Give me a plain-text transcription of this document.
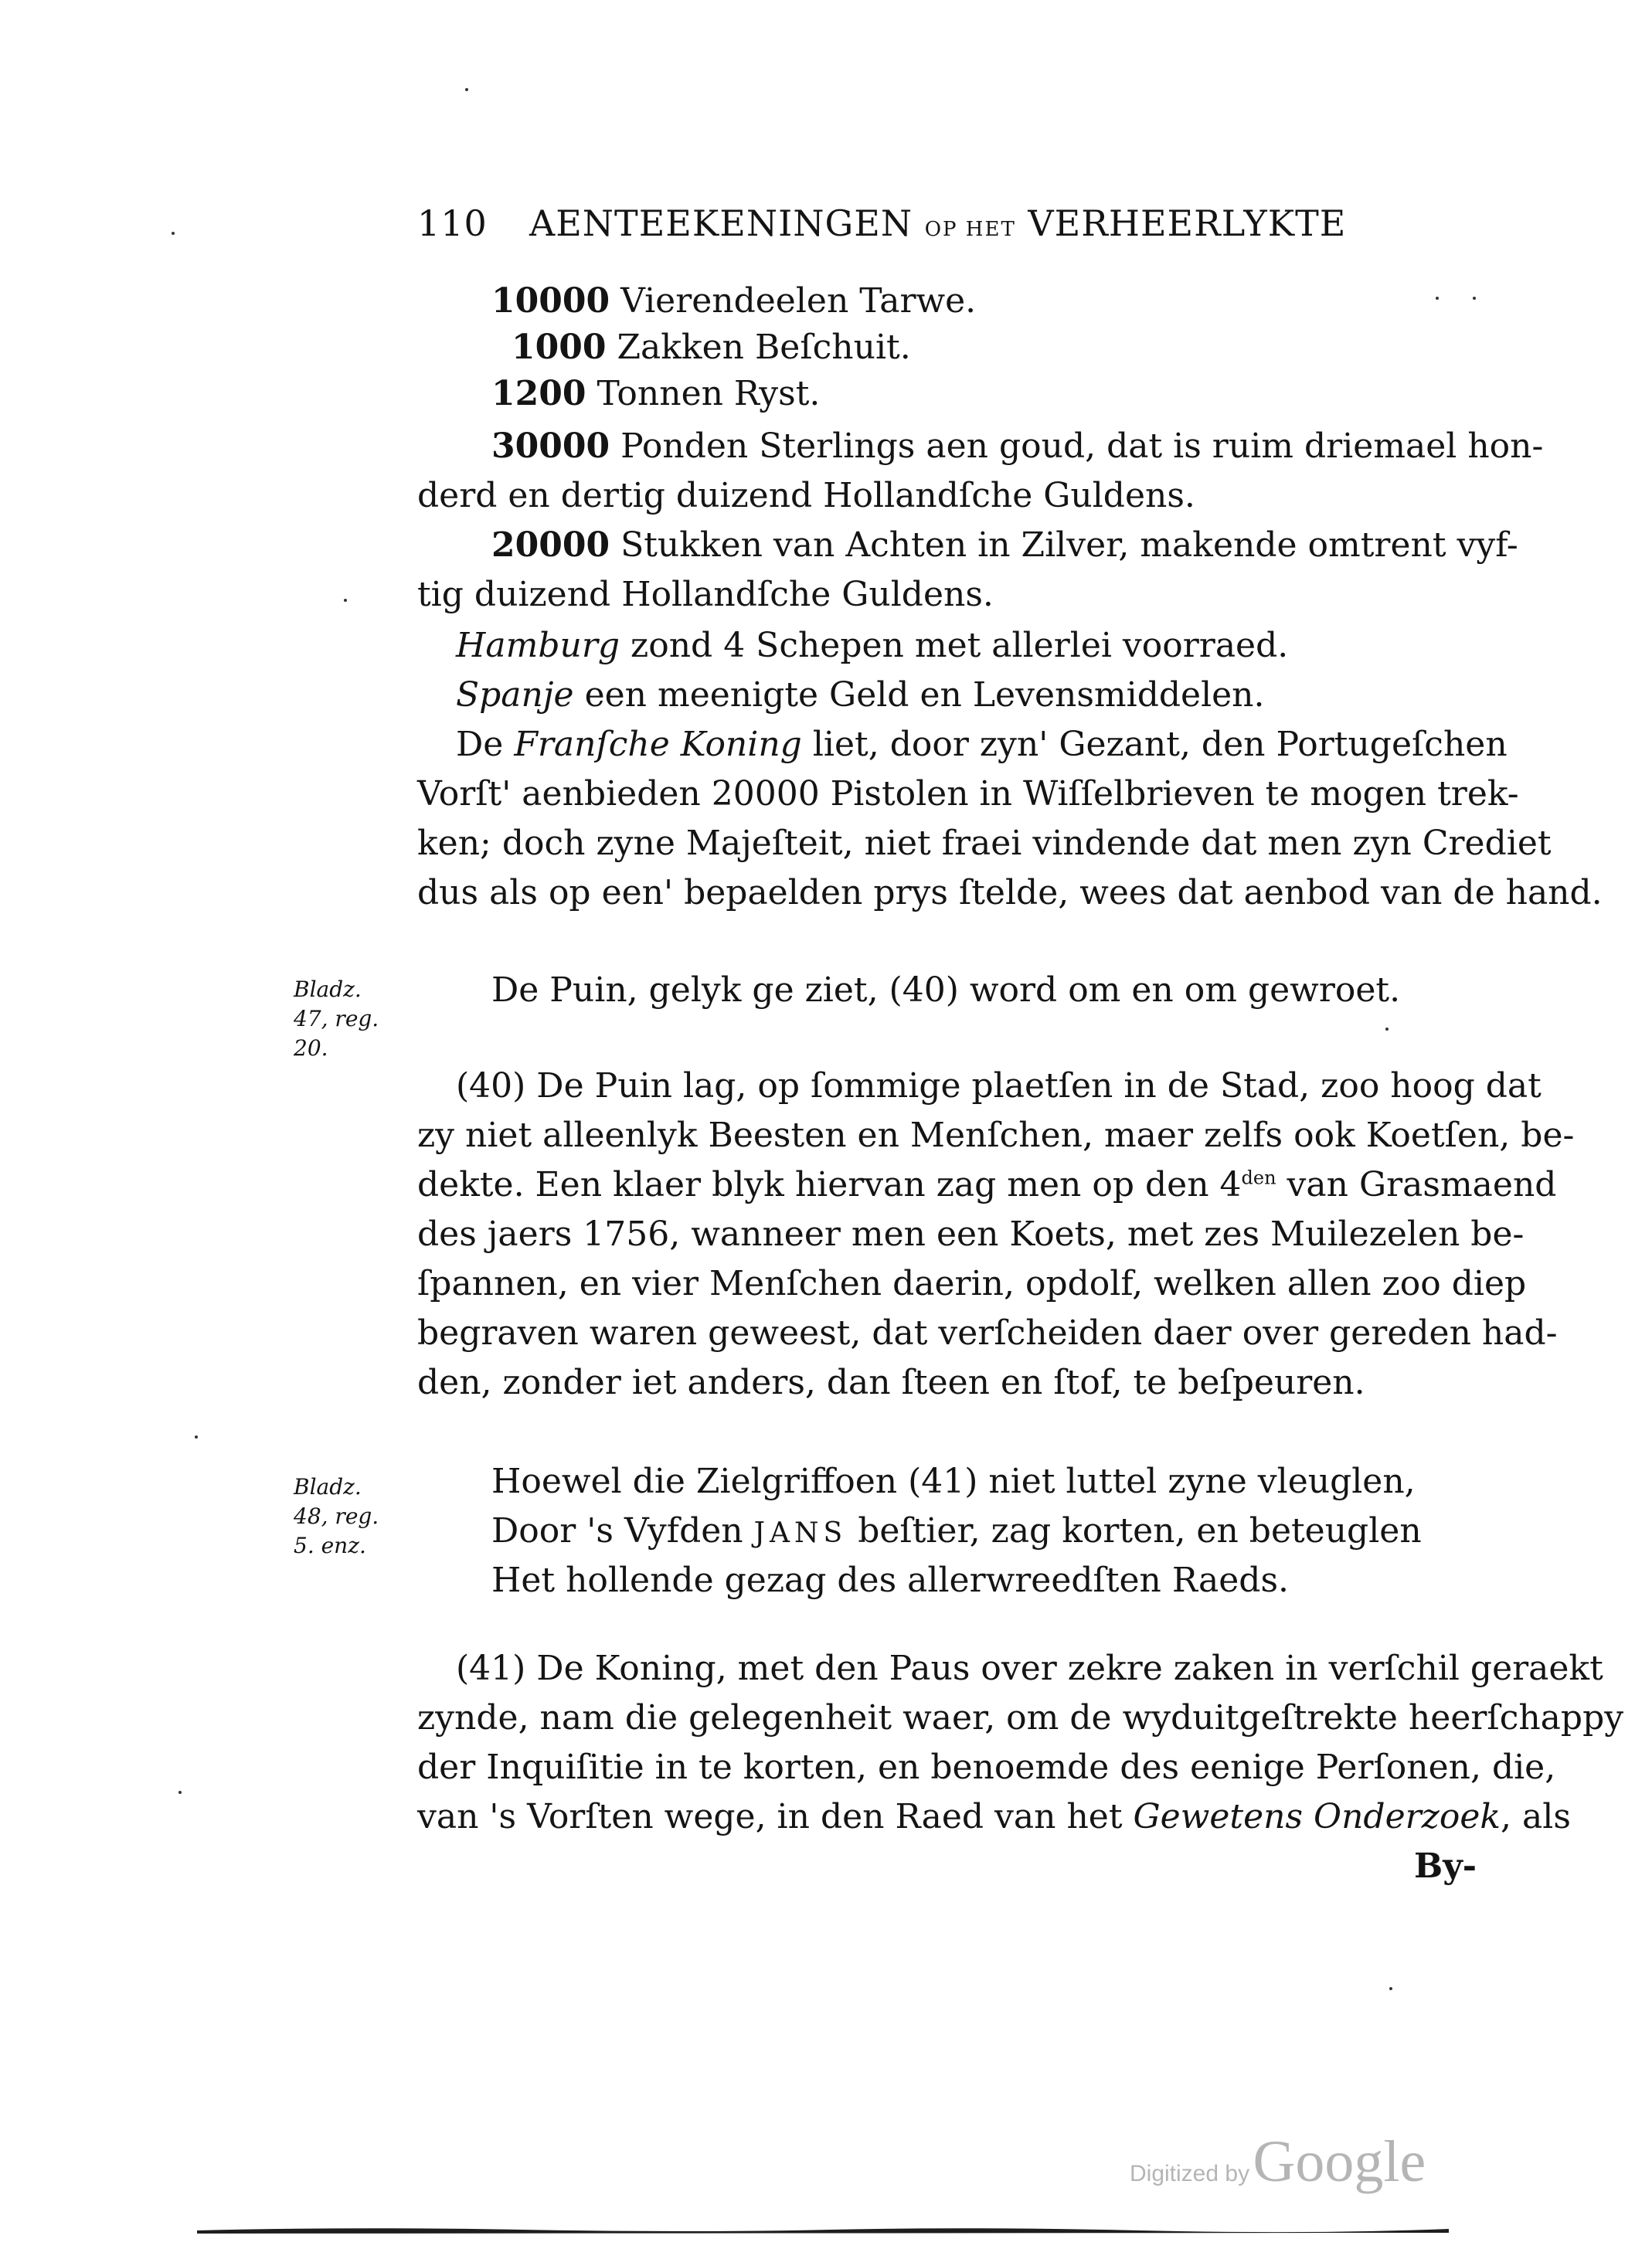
110 AENTEEKENINGEN OP HET VERHEERLYKTE
10000 Vierendeelen Tarwe.
1000 Zakken Beſchuit.
1200 Tonnen Ryst.
30000 Ponden Sterlings aen goud, dat is ruim driemael hon-
derd en dertig duizend Hollandſche Guldens.
20000 Stukken van Achten in Zilver, makende omtrent vyf-
tig duizend Hollandſche Guldens.
Hamburg zond 4 Schepen met allerlei voorraed.
Spanje een meenigte Geld en Levensmiddelen.
De Franſche Koning liet, door zyn' Gezant, den Portugeſchen
Vorſt' aenbieden 20000 Pistolen in Wiſſelbrieven te mogen trek-
ken; doch zyne Majeſteit, niet fraei vindende dat men zyn Crediet
dus als op een' bepaelden prys ſtelde, wees dat aenbod van de hand.
Bladz.
47, reg.
20.
De Puin, gelyk ge ziet, (40) word om en om gewroet.
(40) De Puin lag, op ſommige plaetſen in de Stad, zoo hoog dat
zy niet alleenlyk Beesten en Menſchen, maer zelfs ook Koetſen, be-
dekte. Een klaer blyk hiervan zag men op den $4^{den}$ van Grasmaend
des jaers 1756, wanneer men een Koets, met zes Muilezelen be-
ſpannen, en vier Menſchen daerin, opdolf, welken allen zoo diep
begraven waren geweest, dat verſcheiden daer over gereden had-
den, zonder iet anders, dan ſteen en ſtof, te beſpeuren.
Bladz.
48, reg.
5. enz.
Hoewel die Zielgriffoen (41) niet luttel zyne vleuglen,
Door 's Vyfden JANS beſtier, zag korten, en beteuglen
Het hollende gezag des allerwreedſten Raeds.
(41) De Koning, met den Paus over zekre zaken in verſchil geraekt
zynde, nam die gelegenheit waer, om de wyduitgeſtrekte heerſchappy
der Inquiſitie in te korten, en benoemde des eenige Perſonen, die,
van 's Vorſten wege, in den Raed van het Gewetens Onderzoek, als
By-
Digitized by Google
